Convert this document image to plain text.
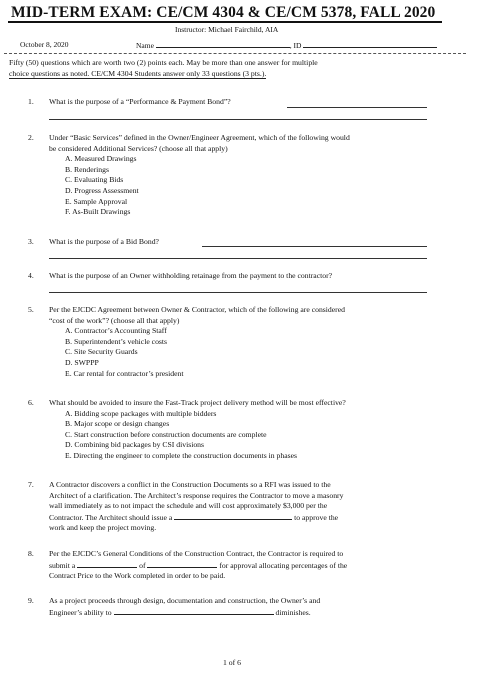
MID-TERM EXAM: CE/CM 4304 & CE/CM 5378, FALL 2020
Instructor: Michael Fairchild, AIA
October 8, 2020	Name	, ID
Fifty (50) questions which are worth two (2) points each. May be more than one answer for multiple
choice questions as noted. CE/CM 4304 Students answer only 33 questions (3 pts.).
1. What is the purpose of a “Performance & Payment Bond”?
2. Under “Basic Services” defined in the Owner/Engineer Agreement, which of the following would
be considered Additional Services? (choose all that apply)
A. Measured Drawings
B. Renderings
C. Evaluating Bids
D. Progress Assessment
E. Sample Approval
F. As-Built Drawings
3. What is the purpose of a Bid Bond?
4. What is the purpose of an Owner withholding retainage from the payment to the contractor?
5. Per the EJCDC Agreement between Owner & Contractor, which of the following are considered
“cost of the work”? (choose all that apply)
A. Contractor’s Accounting Staff
B. Superintendent’s vehicle costs
C. Site Security Guards
D. SWPPP
E. Car rental for contractor’s president
6. What should be avoided to insure the Fast-Track project delivery method will be most effective?
A. Bidding scope packages with multiple bidders
B. Major scope or design changes
C. Start construction before construction documents are complete
D. Combining bid packages by CSI divisions
E. Directing the engineer to complete the construction documents in phases
7. A Contractor discovers a conflict in the Construction Documents so a RFI was issued to the
Architect of a clarification. The Architect’s response requires the Contractor to move a masonry
wall immediately as to not impact the schedule and will cost approximately $3,000 per the
Contractor. The Architect should issue a	to approve the
work and keep the project moving.
8. Per the EJCDC’s General Conditions of the Construction Contract, the Contractor is required to
submit a	of	for approval allocating percentages of the
Contract Price to the Work completed in order to be paid.
9. As a project proceeds through design, documentation and construction, the Owner’s and
Engineer’s ability to	diminishes.
1 of 6
